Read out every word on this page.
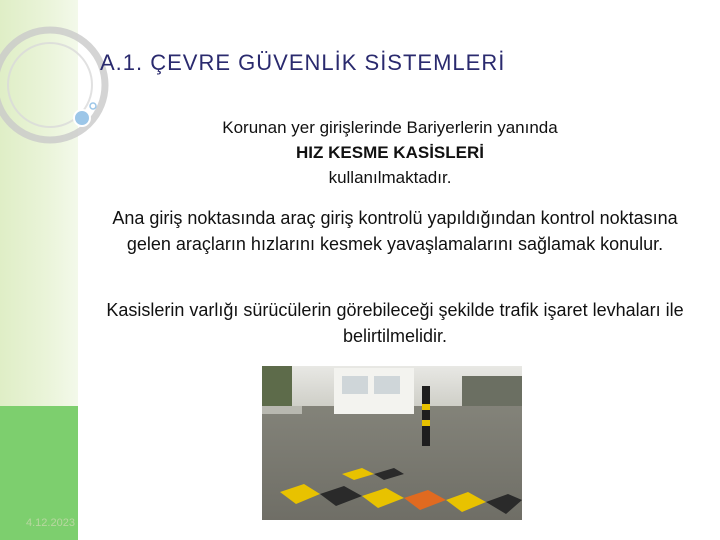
4.12.2023
A.1. ÇEVRE GÜVENLİK SİSTEMLERİ
Korunan yer girişlerinde Bariyerlerin yanında
HIZ KESME KASİSLERİ
kullanılmaktadır.
Ana giriş noktasında araç giriş kontrolü yapıldığından kontrol noktasına gelen araçların hızlarını kesmek yavaşlamalarını sağlamak konulur.
Kasislerin varlığı sürücülerin görebileceği şekilde trafik işaret levhaları ile belirtilmelidir.
